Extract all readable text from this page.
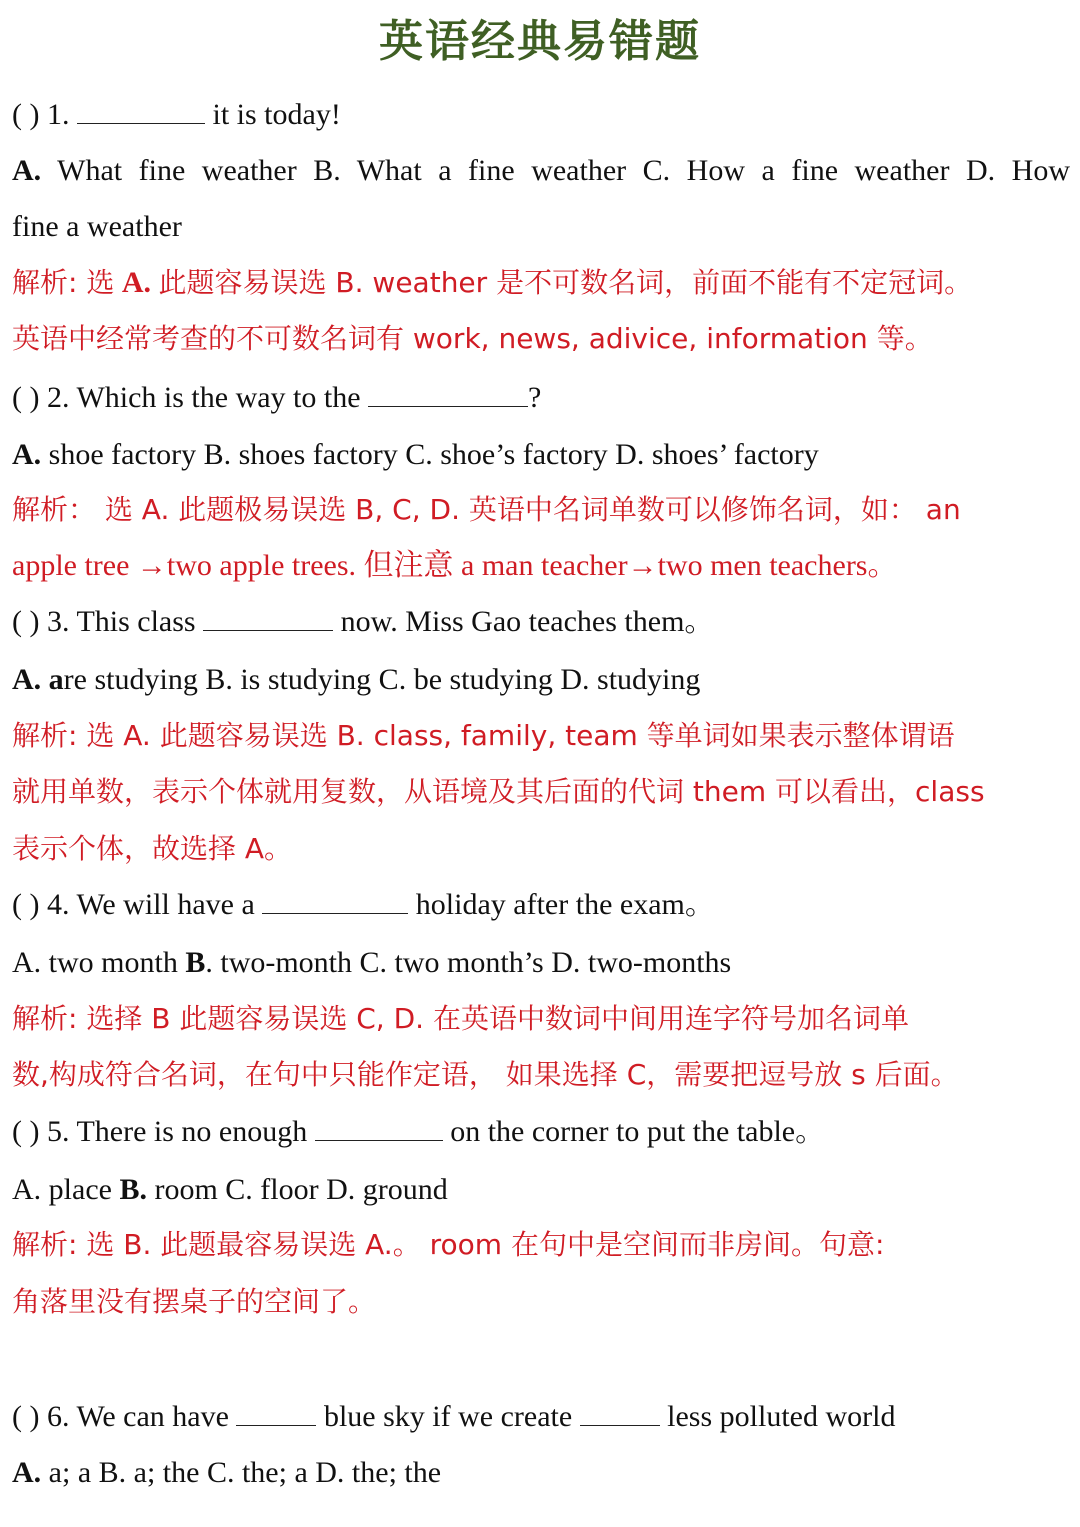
英语经典易错题
( ) 1.	it is today!
A. What fine weather B. What a fine weather C. How a fine weather D. How
fine a weather
解析: 选 A. 此题容易误选 B. weather 是不可数名词，前面不能有不定冠词。
英语中经常考查的不可数名词有 work, news, adivice, information 等。
( ) 2. Which is the way to the	?
A. shoe factory B. shoes factory C. shoe’s factory D. shoes’ factory
解析： 选 A. 此题极易误选 B, C, D. 英语中名词单数可以修饰名词，如： an
apple tree →two apple trees. 但注意 a man teacher→two men teachers。
( ) 3. This class	now. Miss Gao teaches them。
A. are studying B. is studying C. be studying D. studying
解析: 选 A. 此题容易误选 B. class, family, team 等单词如果表示整体谓语
就用单数，表示个体就用复数，从语境及其后面的代词 them 可以看出，class
表示个体，故选择 A。
( ) 4. We will have a	holiday after the exam。
A. two month B. two-month C. two month’s D. two-months
解析: 选择 B 此题容易误选 C, D. 在英语中数词中间用连字符号加名词单
数,构成符合名词，在句中只能作定语， 如果选择 C，需要把逗号放 s 后面。
( ) 5. There is no enough	on the corner to put the table。
A. place B. room C. floor D. ground
解析: 选 B. 此题最容易误选 A.。 room 在句中是空间而非房间。句意:
角落里没有摆桌子的空间了。
( ) 6. We can have	blue sky if we create	less polluted world
A. a; a B. a; the C. the; a D. the; the
